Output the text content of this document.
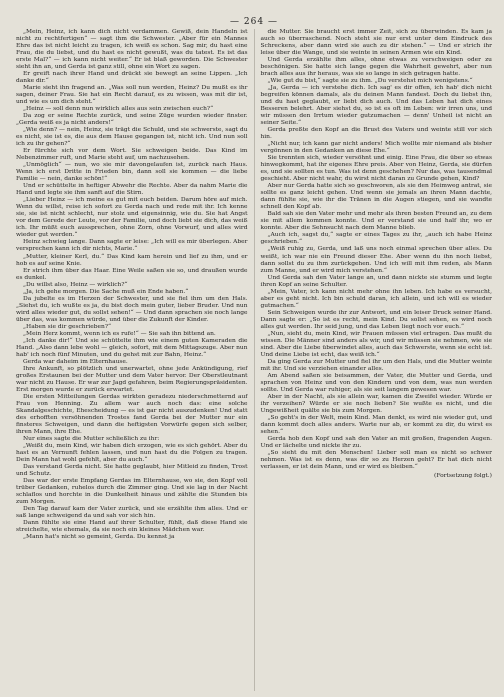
— 264 —

„Mein, Heinz, ich kann dich nicht verdammen. Gewiß, dein Handeln ist nicht zu rechtfertigen“ — sagt ihm die Schwester. „Aber für ein Mannes Ehre das ist nicht leicht zu tragen, ich weiß es schon. Sag mir, du hast eine Frau, die du liebst, und du hast es nicht gewußt, was du tatest. Es ist das erste Mal?“ — ich kann nicht weiter.“ Er ist blaß geworden. Die Schwester sieht ihn an, und Gerda ist ganz still, ohne ein Wort zu sagen.

Er greift nach ihrer Hand und drückt sie bewegt an seine Lippen. „Ich danke dir.“

Marie sieht ihn fragend an. „Was soll nun werden, Heinz? Du mußt es ihr sagen, deiner Frau. Sie hat ein Recht darauf, es zu wissen, was mit dir ist, und wie es um dich steht.“

„Heinz — soll denn nun wirklich alles aus sein zwischen euch?“

Da zog er seine Rechte zurück, und seine Züge wurden wieder finster. „Gerda weiß es ja nicht anders!“

„Wie denn? — nein, Heinz, sie trägt die Schuld, und sie schwerste, sagt du es nicht, sie ist es, die aus dem Hause gegangen ist, nicht ich. Und nun soll ich zu ihr gehen?“

Er fürchte sich vor dem Wort. Sie schweigen beide. Das Kind im Nebenzimmer ruft, und Marie steht auf, um nachzusehen.

„Unmöglich“ — nun, wo sie mir davongelaufen ist, zurück nach Haus. Wenn ich erst Dritte in Frieden bin, dann soll sie kommen — die liebe Familie — nein, danke schön!“

Und er schüttelte in heftiger Abwehr die Rechte. Aber da nahm Marie die Hand und legte sie ihm sanft auf die Stirn.

„Lieber Heinz — ich meine es gut mit euch beiden. Darum höre auf mich. Wenn du willst, reise ich sofort zu Gerda nach und rede mit ihr. Ich kenne sie, sie ist nicht schlecht, nur stolz und eigensinnig, wie du. Sie hat Angst vor dem Gerede der Leute, vor der Familie, und doch liebt sie dich, das weiß ich. Ihr müßt euch aussprechen, ohne Zorn, ohne Vorwurf, und alles wird wieder gut werden.“

Heinz schwieg lange. Dann sagte er leise: „Ich will es mir überlegen. Aber versprechen kann ich dir nichts, Marie.“

„Mutter, kleiner Kerl, du.“ Das Kind kam herein und lief zu ihm, und er hob es auf seine Knie.

Er strich ihm über das Haar. Eine Weile saßen sie so, und draußen wurde es dunkel.

„Du willst also, Heinz — wirklich?“

„Ja, ich gehe morgen. Die Sache muß ein Ende haben.“

Da jubelte es im Herzen der Schwester, und sie fiel ihm um den Hals. „Siehst du, ich wußte es ja, du bist doch mein guter, lieber Bruder. Und nun wird alles wieder gut, du sollst sehen!“ — Und dann sprachen sie noch lange über das, was kommen würde, und über die Zukunft der Kinder.

„Haben sie dir geschrieben?“

„Mein Herz kommt, wenn ich es rufe!“ — Sie sah ihn bittend an.

„Ich danke dir!“ Und sie schüttelte ihm wie einem guten Kameraden die Hand. „Also dann lebe wohl — gleich, sofort, mit dem Mittagszuge. Aber nun hab' ich noch fünf Minuten, und du gehst mit zur Bahn, Heinz.“

Gerda war daheim im Elternhause.

Ihre Ankunft, so plötzlich und unerwartet, ohne jede Ankündigung, rief großes Erstaunen bei der Mutter und dem Vater hervor. Der Oberstleutnant war nicht zu Hause. Er war zur Jagd gefahren, beim Regierungspräsidenten. Erst morgen wurde er zurück erwartet.

Die ersten Mitteilungen Gerdas wirkten geradezu niederschmetternd auf Frau von Henning. Zu allem war auch noch das: eine solche Skandalgeschichte, Ehescheidung — es ist gar nicht auszudenken! Und statt des erhofften versöhnenden Trostes fand Gerda bei der Mutter nur ein finsteres Schweigen, und dann die heftigsten Vorwürfe gegen sich selber, ihren Mann, ihre Ehe.

Nur eines sagte die Mutter schließlich zu ihr:

„Weißt du, mein Kind, wir haben dich erzogen, wie es sich gehört. Aber du hast es an Vernunft fehlen lassen, und nun hast du die Folgen zu tragen. Dein Mann hat wohl gefehlt, aber du auch.“

Das verstand Gerda nicht. Sie hatte geglaubt, hier Mitleid zu finden, Trost und Schutz.

Das war der erste Empfang Gerdas im Elternhause, wo sie, den Kopf voll trüber Gedanken, ruhelos durch die Zimmer ging. Und sie lag in der Nacht schlaflos und horchte in die Dunkelheit hinaus und zählte die Stunden bis zum Morgen.

Den Tag darauf kam der Vater zurück, und sie erzählte ihm alles. Und er saß lange schweigend da und sah vor sich hin.

Dann fühlte sie eine Hand auf ihrer Schulter, fühlt, daß diese Hand sie streichelte, wie ehemals, da sie noch ein kleines Mädchen war.

„Mann hat's nicht so gemeint, Gerda. Du kennst ja

die Mutter. Sie braucht erst immer Zeit, sich zu überwinden. Es kam ja auch so überraschend. Noch steht sie nur erst unter dem Eindruck des Schreckens, aber dann wird sie auch zu dir stehen.“ — Und er strich ihr leise über die Wange, und sie weinte in seinen Armen wie ein Kind.

Und Gerda erzählte ihm alles, ohne etwas zu verschweigen oder zu beschönigen. Sie hatte sich lange gegen die Wahrheit gewehrt, aber nun brach alles aus ihr heraus, was sie so lange in sich getragen hatte.

„Wie gut du bist,“ sagte sie zu ihm. „Du verstehst mich wenigstens.“

„Ja, Gerda — ich verstehe dich. Ich sag' es dir offen, ich hab' dich nicht begreifen können damals, als du deinen Mann fandest. Doch du liebst ihn, und du hast geglaubt, er liebt dich auch. Und das Leben hat dich eines Besseren belehrt. Aber siehst du, so ist es oft im Leben: wir irren uns, und wir müssen den Irrtum wieder gutzumachen — denn' Unheil ist nicht an seiner Seite.“

Gerda preßte den Kopf an die Brust des Vaters und weinte still vor sich hin.

„Nicht nur, ich kann gar nicht anders! Mich wollte mir niemand als bisher vergönnen in den Gedanken an diese Ehe.“

Sie trennten sich, wieder versöhnt und einig. Eine Frau, die über so etwas hinwegkommt, hat ihr eigenes Ehre preis. Aber von Heinz, Gerda, sie dürfen es, und sie sollten es tun. Was ist denn geschehen? Nur das, was tausendmal geschieht. Aber nicht wahr, du wirst nicht daran zu Grunde gehen, Kind?

Aber nur Gerda hatte sich so geschworen, als sie den Heimweg antrat, sie sollte es ganz leicht gehen. Und wenn sie jemals an ihren Mann dachte, dann fühlte sie, wie ihr die Tränen in die Augen stiegen, und sie wandte schnell den Kopf ab.

Bald sah sie den Vater mehr und mehr als ihren besten Freund an, zu dem sie mit allem kommen konnte. Und er verstand sie und half ihr, wo er konnte. Aber die Sehnsucht nach dem Manne blieb.

„Auch ich, sagst du,“ sagte er eines Tages zu ihr, „auch ich habe Heinz geschrieben.“

„Weiß ruhig zu, Gerda, und laß uns noch einmal sprechen über alles. Du weißt, ich war nie ein Freund dieser Ehe. Aber wenn du ihn noch liebst, dann sollst du zu ihm zurückgehen. Und ich will mit ihm reden, als Mann zum Manne, und er wird mich verstehen.“

Und Gerda sah den Vater lange an, und dann nickte sie stumm und legte ihren Kopf an seine Schulter.

„Mein, Vater, ich kann nicht mehr ohne ihn leben. Ich habe es versucht, aber es geht nicht. Ich bin schuld daran, ich allein, und ich will es wieder gutmachen.“

Sein Schweigen wurde ihr zur Antwort, und ein leiser Druck seiner Hand. Dann sagte er: „So ist es recht, mein Kind. Du sollst sehen, es wird noch alles gut werden. Ihr seid jung, und das Leben liegt noch vor euch.“

„Nun, sieht du, mein Kind, wir Frauen müssen viel ertragen. Das mußt du wissen. Die Männer sind anders als wir, und wir müssen sie nehmen, wie sie sind. Aber die Liebe überwindet alles, auch das Schwerste, wenn sie echt ist. Und deine Liebe ist echt, das weiß ich.“

Da ging Gerda zur Mutter und fiel ihr um den Hals, und die Mutter weinte mit ihr. Und sie verziehen einander alles.

Am Abend saßen sie beisammen, der Vater, die Mutter und Gerda, und sprachen von Heinz und von den Kindern und von dem, was nun werden sollte. Und Gerda war ruhiger, als sie seit langem gewesen war.

Aber in der Nacht, als sie allein war, kamen die Zweifel wieder. Würde er ihr verzeihen? Würde er sie noch lieben? Sie wußte es nicht, und die Ungewißheit quälte sie bis zum Morgen.

„So geht's in der Welt, mein Kind. Man denkt, es wird nie wieder gut, und dann kommt doch alles anders. Warte nur ab, er kommt zu dir, du wirst es sehen.“

Gerda hob den Kopf und sah den Vater an mit großen, fragenden Augen. Und er lächelte und nickte ihr zu.

„So sieht du mit den Menschen! Lieber soll man es nicht so schwer nehmen. Was ist es denn, was dir so zu Herzen geht? Er hat dich nicht verlassen, er ist dein Mann, und er wird es bleiben.“

(Fortsetzung folgt.)
